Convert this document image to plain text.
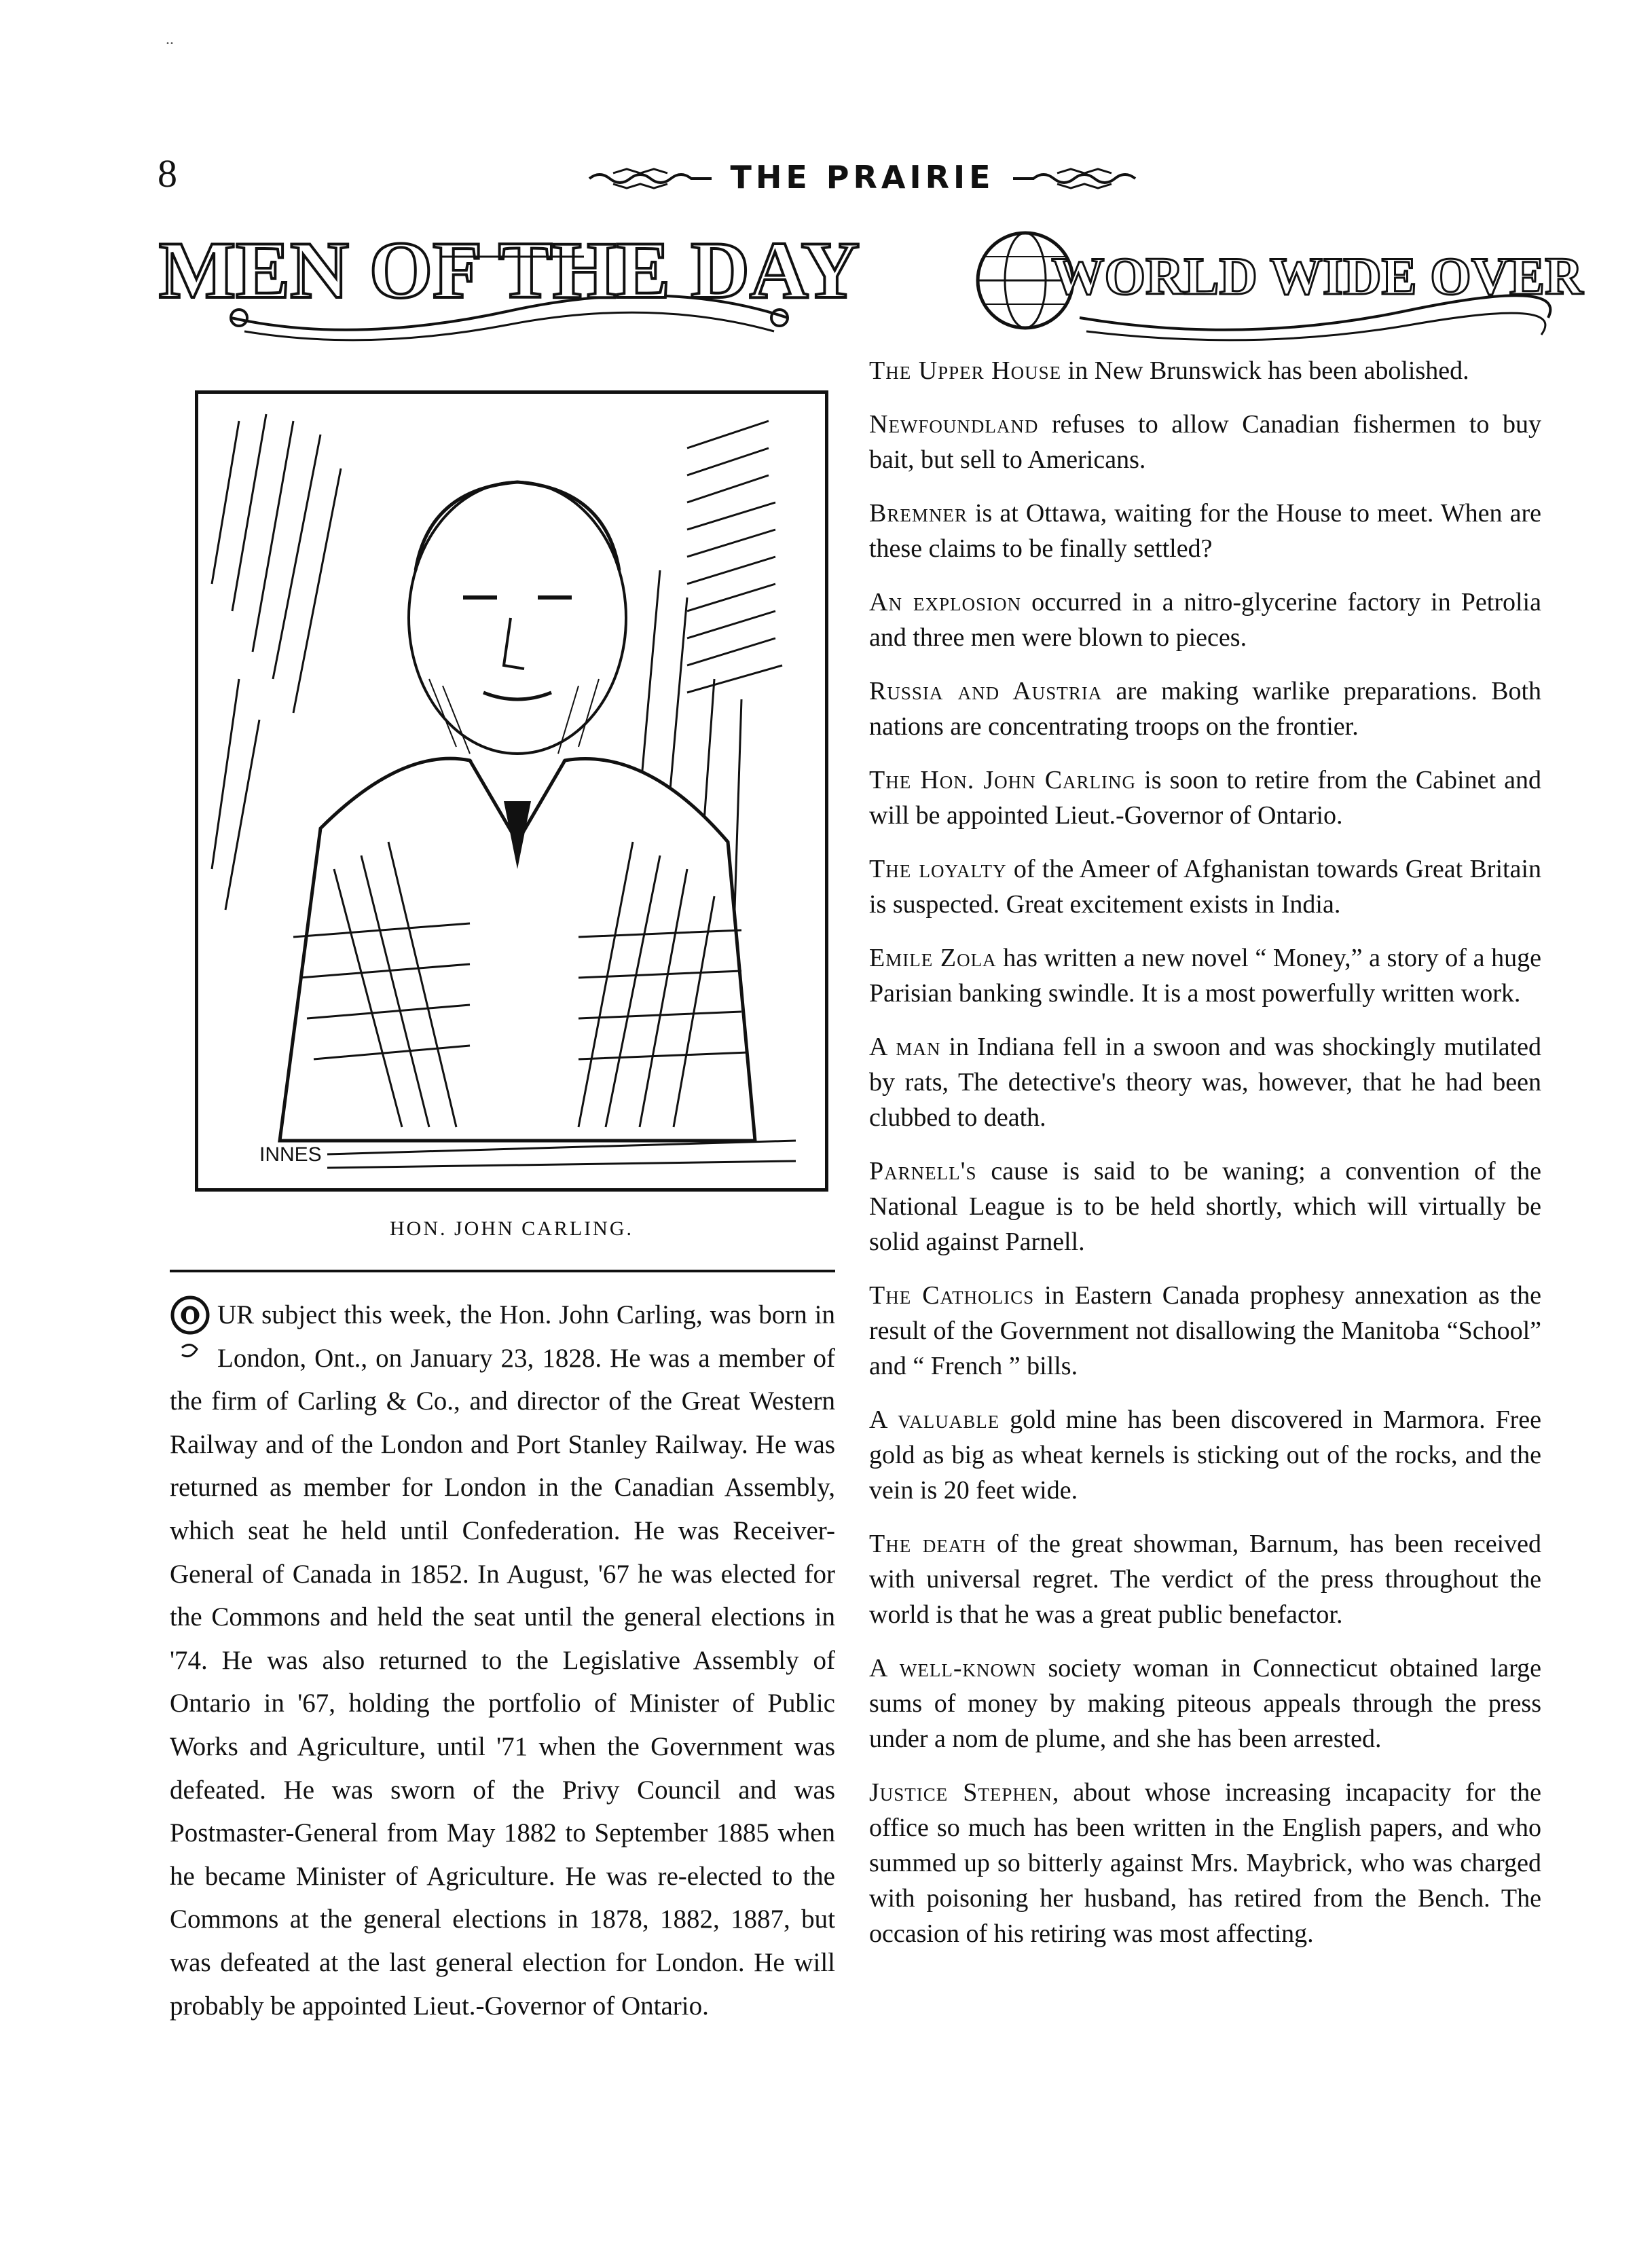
..
8	THE PRAIRIE
MEN OF THE DAY	WORLD WIDE OVER
INNES
HON. JOHN CARLING.
O UR subject this week, the Hon. John Carling, was born in London, Ont., on January 23, 1828. He was a member of the firm of Carling & Co., and director of the Great Western Railway and of the London and Port Stanley Railway. He was returned as member for London in the Canadian Assembly, which seat he held until Confederation. He was Receiver-General of Canada in 1852. In August, '67 he was elected for the Commons and held the seat until the general elections in '74. He was also returned to the Legislative Assembly of Ontario in '67, holding the portfolio of Minister of Public Works and Agriculture, until '71 when the Government was defeated. He was sworn of the Privy Council and was Postmaster-General from May 1882 to September 1885 when he became Minister of Agriculture. He was re-elected to the Commons at the general elections in 1878, 1882, 1887, but was defeated at the last general election for London. He will probably be appointed Lieut.-Governor of Ontario.

The Upper House in New Brunswick has been abolished.

Newfoundland refuses to allow Canadian fishermen to buy bait, but sell to Americans.

Bremner is at Ottawa, waiting for the House to meet. When are these claims to be finally settled?

An explosion occurred in a nitro-glycerine factory in Petrolia and three men were blown to pieces.

Russia and Austria are making warlike preparations. Both nations are concentrating troops on the frontier.

The Hon. John Carling is soon to retire from the Cabinet and will be appointed Lieut.-Governor of Ontario.

The loyalty of the Ameer of Afghanistan towards Great Britain is suspected. Great excitement exists in India.

Emile Zola has written a new novel “ Money,” a story of a huge Parisian banking swindle. It is a most powerfully written work.

A man in Indiana fell in a swoon and was shockingly mutilated by rats, The detective's theory was, however, that he had been clubbed to death.

Parnell's cause is said to be waning; a convention of the National League is to be held shortly, which will virtually be solid against Parnell.

The Catholics in Eastern Canada prophesy annexation as the result of the Government not disallowing the Manitoba “School” and “ French ” bills.

A valuable gold mine has been discovered in Marmora. Free gold as big as wheat kernels is sticking out of the rocks, and the vein is 20 feet wide.

The death of the great showman, Barnum, has been received with universal regret. The verdict of the press throughout the world is that he was a great public benefactor.

A well-known society woman in Connecticut obtained large sums of money by making piteous appeals through the press under a nom de plume, and she has been arrested.

Justice Stephen, about whose increasing incapacity for the office so much has been written in the English papers, and who summed up so bitterly against Mrs. Maybrick, who was charged with poisoning her husband, has retired from the Bench. The occasion of his retiring was most affecting.
